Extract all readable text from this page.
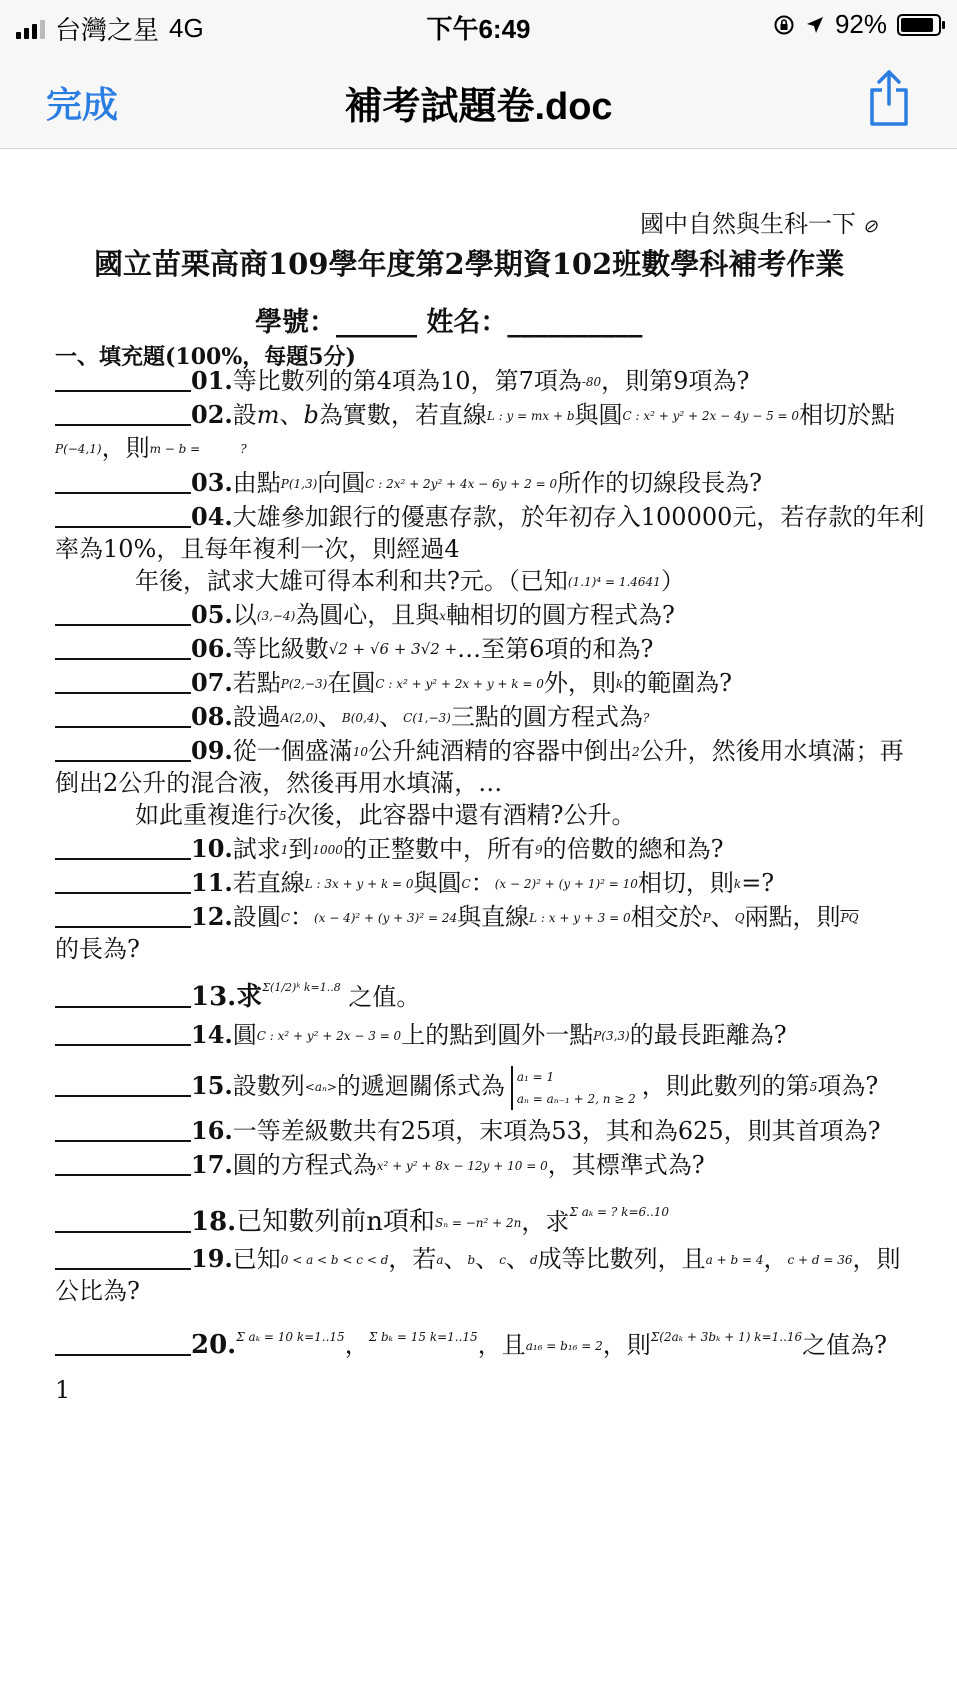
台灣之星 4G	下午6:49	92%
完成	補考試題卷.doc
國中自然與生科一下 ⊘
國立苗栗高商109學年度第2學期資102班數學科補考作業
學號：______ 姓名：__________
一、填充題(100%，每題5分)
01.等比數列的第4項為10，第7項為-80，則第9項為?
02.設m、b為實數，若直線L : y = mx + b與圓C : x² + y² + 2x − 4y − 5 = 0相切於點
P(−4,1)，則m − b =	?
03.由點P(1,3)向圓C : 2x² + 2y² + 4x − 6y + 2 = 0所作的切線段長為?
04.大雄參加銀行的優惠存款，於年初存入100000元，若存款的年利
率為10%，且每年複利一次，則經過4
年後，試求大雄可得本利和共?元。（已知(1.1)⁴ = 1.4641）
05.以(3,−4)為圓心，且與x軸相切的圓方程式為?
06.等比級數√2 + √6 + 3√2 +…至第6項的和為?
07.若點P(2,−3)在圓C : x² + y² + 2x + y + k = 0外，則k的範圍為?
08.設過A(2,0)、B(0,4)、C(1,−3)三點的圓方程式為?
09.從一個盛滿10公升純酒精的容器中倒出2公升，然後用水填滿；再
倒出2公升的混合液，然後再用水填滿，…
如此重複進行5次後，此容器中還有酒精?公升。
10.試求1到1000的正整數中，所有9的倍數的總和為?
11.若直線L : 3x + y + k = 0與圓C：(x − 2)² + (y + 1)² = 10相切，則k=?
12.設圓C：(x − 4)² + (y + 3)² = 24與直線L : x + y + 3 = 0相交於P、Q兩點，則$\overline{PQ}$
的長為?
13.求$^{\Sigma(1/2)ᵏ k=1..8}$ 之值。
14.圓C : x² + y² + 2x − 3 = 0上的點到圓外一點P(3,3)的最長距離為?
15.設數列<aₙ>的遞迴關係式為 a₁ = 1
aₙ = aₙ₋₁ + 2, n ≥ 2 ，則此數列的第5項為?
16.一等差級數共有25項，末項為53，其和為625，則其首項為?
17.圓的方程式為x² + y² + 8x − 12y + 10 = 0，其標準式為?
18.已知數列前n項和Sₙ = −n² + 2n，求$^{\Sigma a_k = ? k=6..10}$
19.已知0 < a < b < c < d，若a、b、c、d成等比數列，且a + b = 4，c + d = 36，則
公比為?
20.$^{\Sigma a_k = 10 k=1..15}$，$^{\Sigma b_k = 15 k=1..15}$，且a₁₆ = b₁₆ = 2，則$^{\Sigma(2a_k + 3b_k + 1) k=1..16}$之值為?
1
